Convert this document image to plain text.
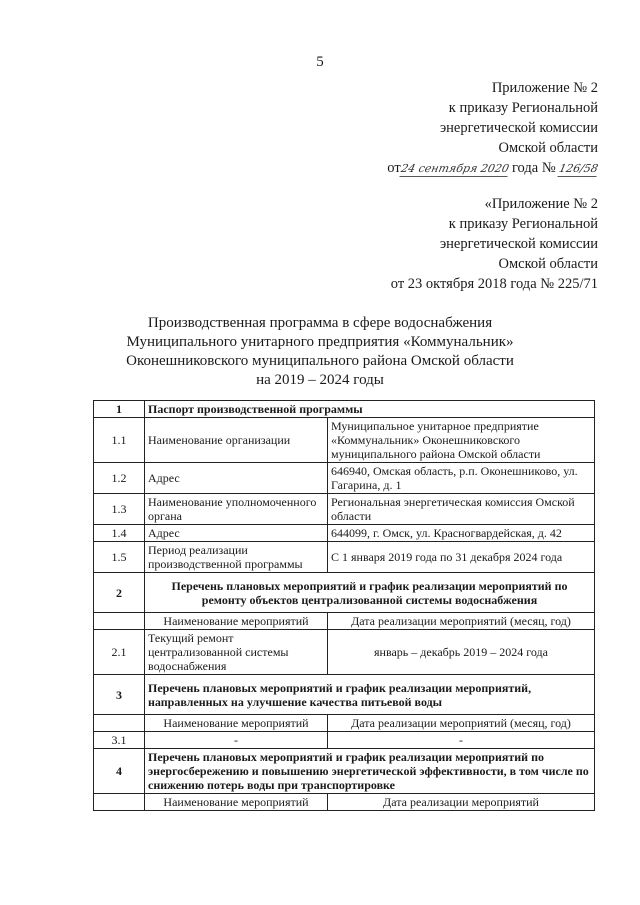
5
Приложение № 2
к приказу Региональной
энергетической комиссии
Омской области
от24 сентября 2020 года № 126/58
«Приложение № 2
к приказу Региональной
энергетической комиссии
Омской области
от 23 октября 2018 года № 225/71
Производственная программа в сфере водоснабжения
Муниципального унитарного предприятия «Коммунальник»
Оконешниковского муниципального района Омской области
на 2019 – 2024 годы
1	Паспорт производственной программы	
1.1	Наименование организации	Муниципальное унитарное предприятие «Коммунальник» Оконешниковского муниципального района Омской области
1.2	Адрес	646940, Омская область, р.п. Оконешниково, ул. Гагарина, д. 1
1.3	Наименование уполномоченного органа	Региональная энергетическая комиссия Омской области
1.4	Адрес	644099, г. Омск, ул. Красногвардейская, д. 42
1.5	Период реализации производственной программы	С 1 января 2019 года по 31 декабря 2024 года
2	Перечень плановых мероприятий и график реализации мероприятий по ремонту объектов централизованной системы водоснабжения	
	Наименование мероприятий	Дата реализации мероприятий (месяц, год)
2.1	Текущий ремонт централизованной системы водоснабжения	январь – декабрь 2019 – 2024 года
3	Перечень плановых мероприятий и график реализации мероприятий, направленных на улучшение качества питьевой воды	
	Наименование мероприятий	Дата реализации мероприятий (месяц, год)
3.1	-	-
4	Перечень плановых мероприятий и график реализации мероприятий по энергосбережению и повышению энергетической эффективности, в том числе по снижению потерь воды при транспортировке	
	Наименование мероприятий	Дата реализации мероприятий
